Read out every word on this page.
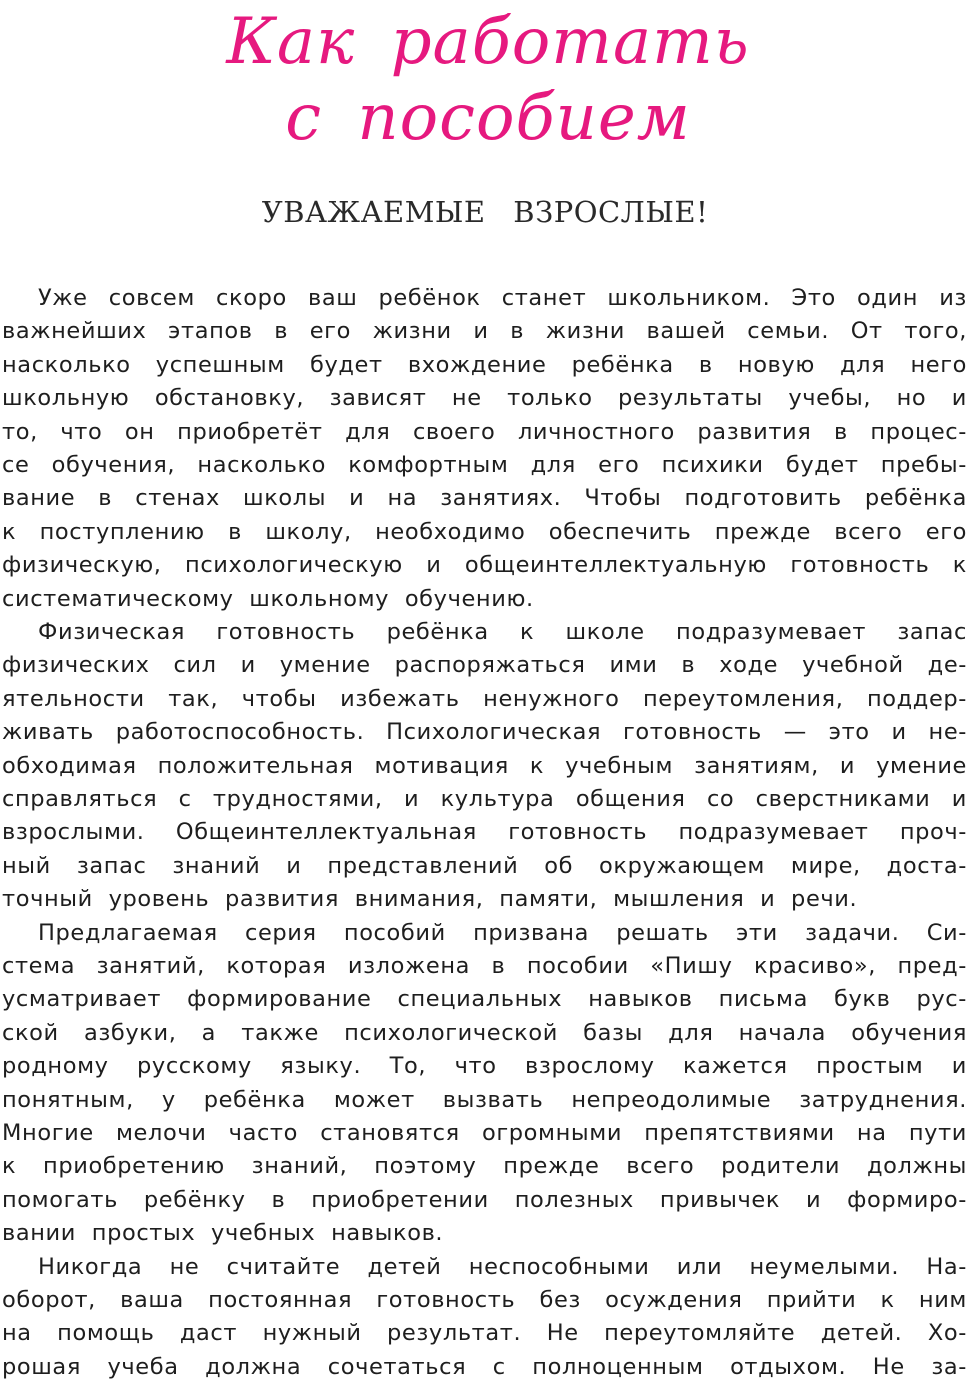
Как работать
с пособием
УВАЖАЕМЫЕ ВЗРОСЛЫЕ!
Уже совсем скоро ваш ребёнок станет школьником. Это один из
важнейших этапов в его жизни и в жизни вашей семьи. От того,
насколько успешным будет вхождение ребёнка в новую для него
школьную обстановку, зависят не только результаты учебы, но и
то, что он приобретёт для своего личностного развития в процес-
се обучения, насколько комфортным для его психики будет пребы-
вание в стенах школы и на занятиях. Чтобы подготовить ребёнка
к поступлению в школу, необходимо обеспечить прежде всего его
физическую, психологическую и общеинтеллектуальную готовность к
систематическому школьному обучению.
Физическая готовность ребёнка к школе подразумевает запас
физических сил и умение распоряжаться ими в ходе учебной де-
ятельности так, чтобы избежать ненужного переутомления, поддер-
живать работоспособность. Психологическая готовность — это и не-
обходимая положительная мотивация к учебным занятиям, и умение
справляться с трудностями, и культура общения со сверстниками и
взрослыми. Общеинтеллектуальная готовность подразумевает проч-
ный запас знаний и представлений об окружающем мире, доста-
точный уровень развития внимания, памяти, мышления и речи.
Предлагаемая серия пособий призвана решать эти задачи. Си-
стема занятий, которая изложена в пособии «Пишу красиво», пред-
усматривает формирование специальных навыков письма букв рус-
ской азбуки, а также психологической базы для начала обучения
родному русскому языку. То, что взрослому кажется простым и
понятным, у ребёнка может вызвать непреодолимые затруднения.
Многие мелочи часто становятся огромными препятствиями на пути
к приобретению знаний, поэтому прежде всего родители должны
помогать ребёнку в приобретении полезных привычек и формиро-
вании простых учебных навыков.
Никогда не считайте детей неспособными или неумелыми. На-
оборот, ваша постоянная готовность без осуждения прийти к ним
на помощь даст нужный результат. Не переутомляйте детей. Хо-
рошая учеба должна сочетаться с полноценным отдыхом. Не за-
